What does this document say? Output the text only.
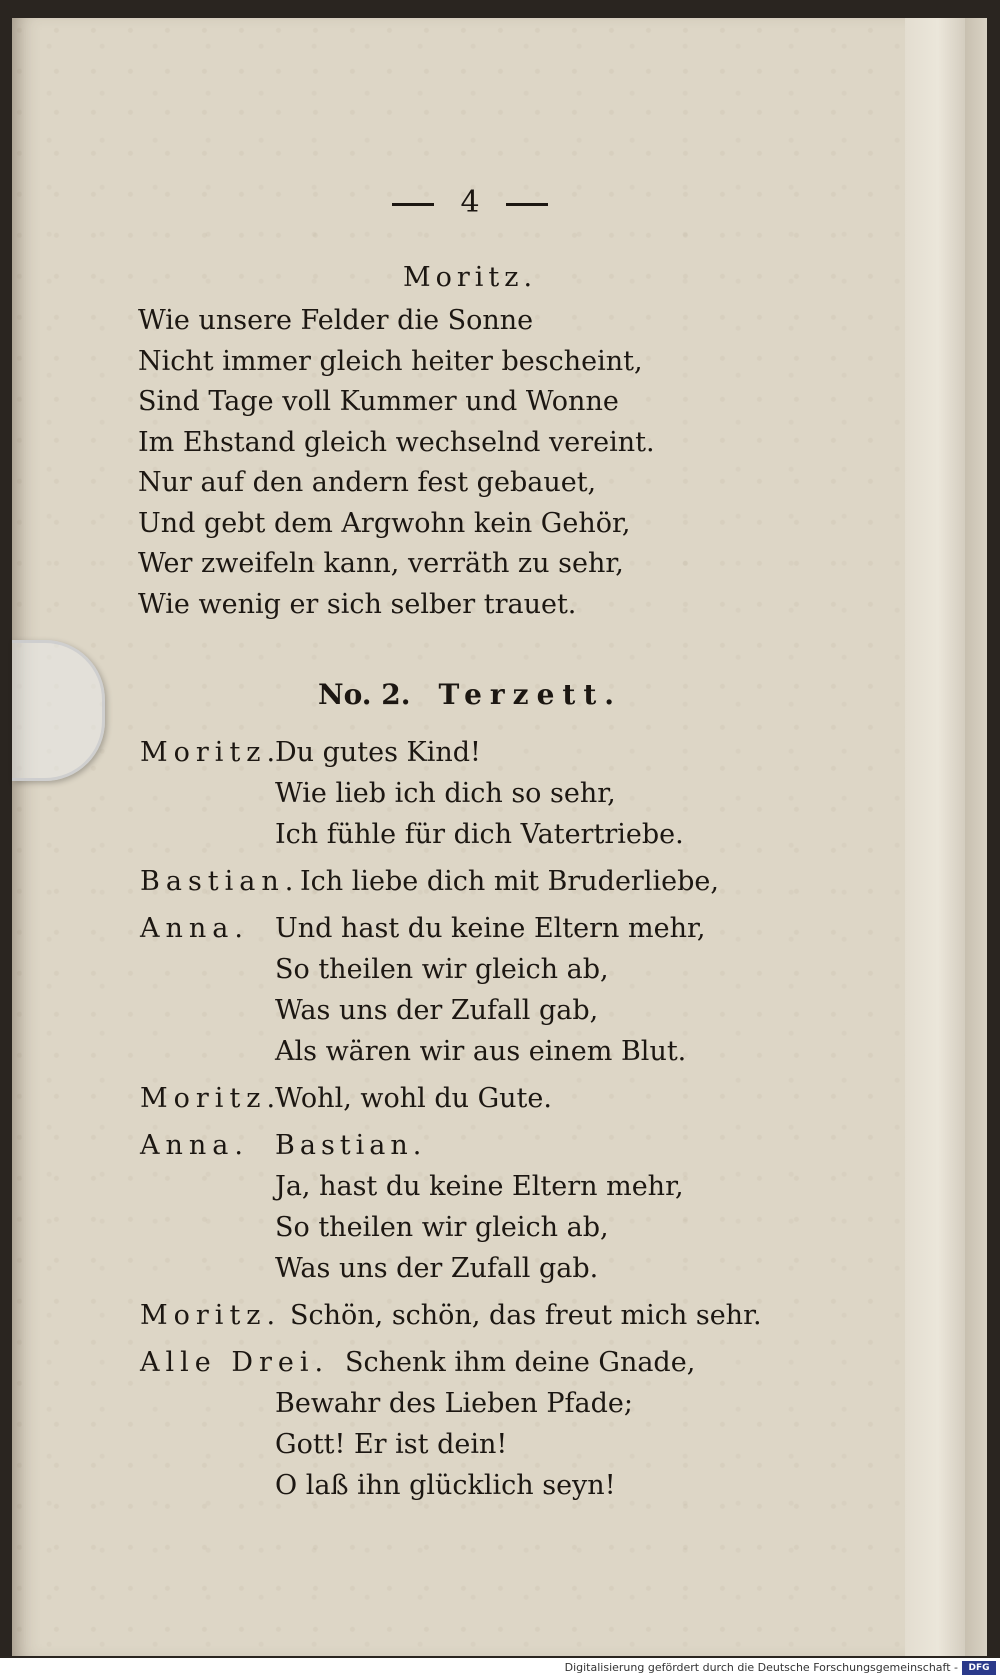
4
Moritz.
Wie unsere Felder die Sonne
Nicht immer gleich heiter bescheint,
Sind Tage voll Kummer und Wonne
Im Ehstand gleich wechselnd vereint.
Nur auf den andern fest gebauet,
Und gebt dem Argwohn kein Gehör,
Wer zweifeln kann, verräth zu sehr,
Wie wenig er sich selber trauet.
No. 2. Terzett.
Moritz.
Du gutes Kind!
Wie lieb ich dich so sehr,
Ich fühle für dich Vatertriebe.
Bastian. Ich liebe dich mit Bruderliebe,
Anna. Und hast du keine Eltern mehr,
So theilen wir gleich ab,
Was uns der Zufall gab,
Als wären wir aus einem Blut.
Moritz.
Wohl, wohl du Gute.
Anna. Bastian.
Ja, hast du keine Eltern mehr,
So theilen wir gleich ab,
Was uns der Zufall gab.
Moritz. Schön, schön, das freut mich sehr.
Alle Drei. Schenk ihm deine Gnade,
Bewahr des Lieben Pfade;
Gott! Er ist dein!
O laß ihn glücklich seyn!
Digitalisierung gefördert durch die Deutsche Forschungsgemeinschaft -	DFG
